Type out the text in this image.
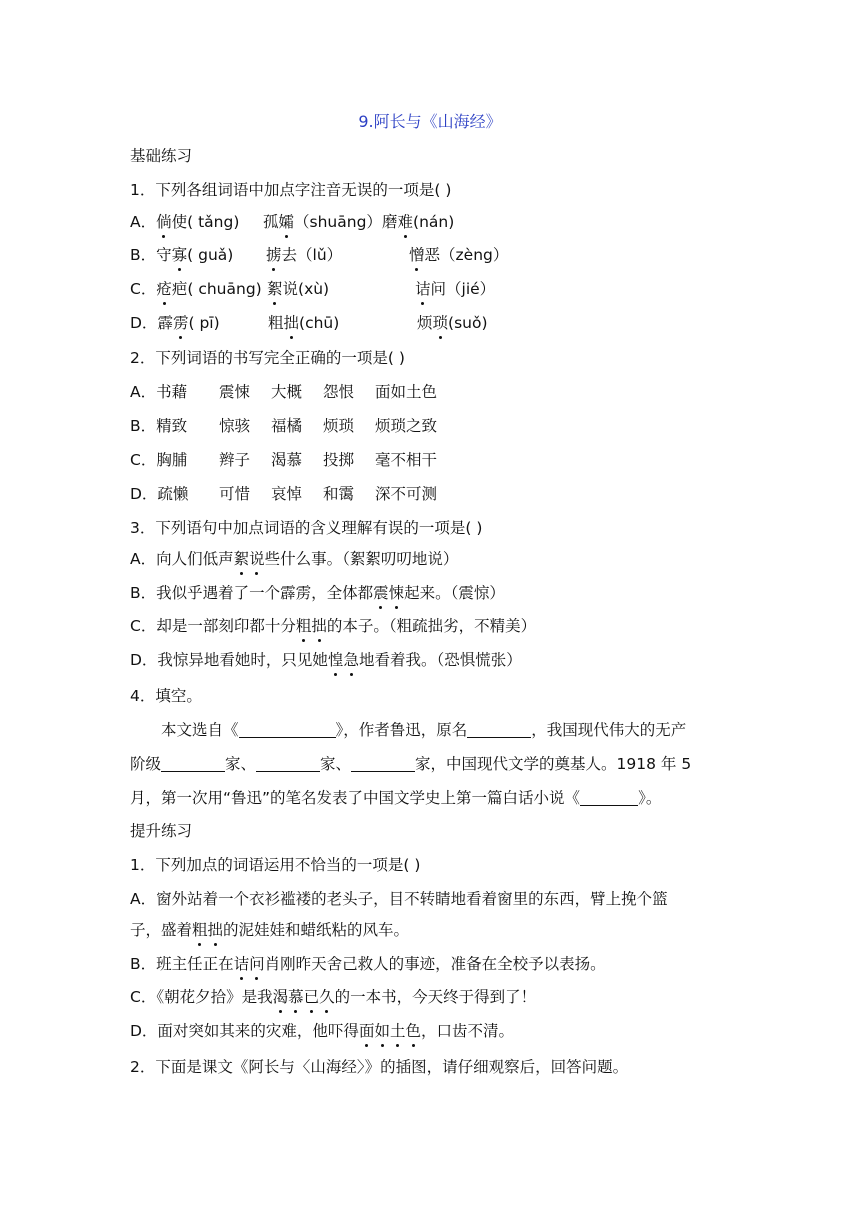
9.阿长与《山海经》
基础练习
1．下列各组词语中加点字注音无误的一项是( )
A．倘使( tǎng) 孤孀（shuāng） 磨难(nán)
B．守寡( guǎ) 掳去（lǔ）	憎恶（zèng）
C．疮疤( chuāng) 絮说(xù)	诘问（jié）
D．霹雳( pī)	粗拙(chū)	烦琐(suǒ)
2．下列词语的书写完全正确的一项是( )
A．书藉 震悚 大概 怨恨 面如土色
B．精致 惊骇 福橘 烦琐 烦琐之致
C．胸脯 辫子 渴慕 投掷 毫不相干
D．疏懒 可惜 哀悼 和霭 深不可测
3．下列语句中加点词语的含义理解有误的一项是( )
A．向人们低声絮说些什么事。（絮絮叨叨地说）
B．我似乎遇着了一个霹雳，全体都震悚起来。（震惊）
C．却是一部刻印都十分粗拙的本子。（粗疏拙劣，不精美）
D．我惊异地看她时，只见她惶急地看着我。（恐惧慌张）
4．填空。
本文选自《	》，作者鲁迅，原名	，我国现代伟大的无产
阶级	家、	家、	家，中国现代文学的奠基人。1918 年 5
月，第一次用“鲁迅”的笔名发表了中国文学史上第一篇白话小说《	》。
提升练习
1．下列加点的词语运用不恰当的一项是( )
A．窗外站着一个衣衫褴褛的老头子，目不转睛地看着窗里的东西，臂上挽个篮
子，盛着粗拙的泥娃娃和蜡纸粘的风车。
B．班主任正在诘问肖刚昨天舍己救人的事迹，准备在全校予以表扬。
C．《朝花夕拾》是我渴慕已久的一本书，今天终于得到了！
D．面对突如其来的灾难，他吓得面如土色，口齿不清。
2．下面是课文《阿长与〈山海经〉》的插图，请仔细观察后，回答问题。
